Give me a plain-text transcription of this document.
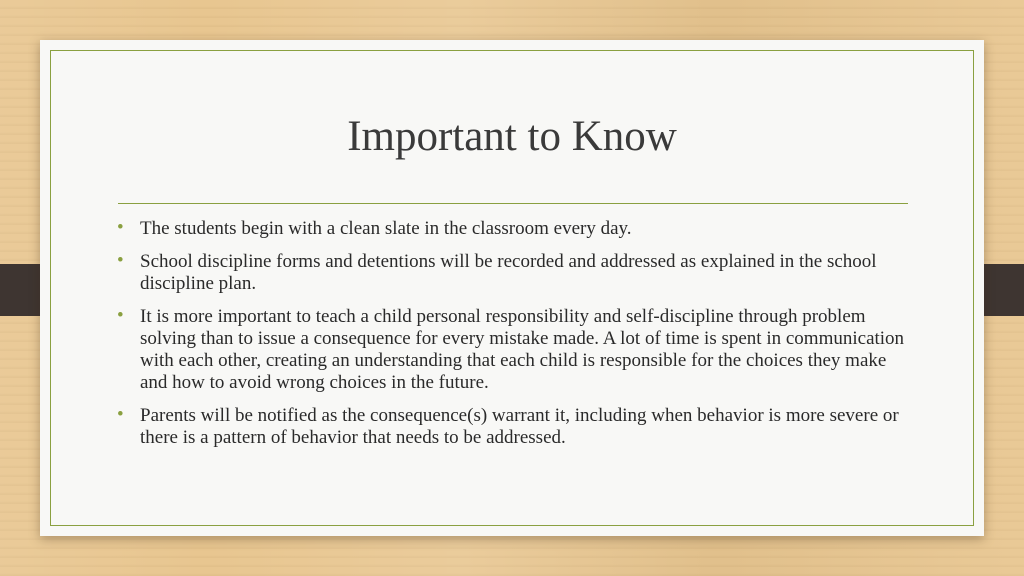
Important to Know
• The students begin with a clean slate in the classroom every day.
• School discipline forms and detentions will be recorded and addressed as explained in the school discipline plan.
• It is more important to teach a child personal responsibility and self-discipline through problem solving than to issue a consequence for every mistake made. A lot of time is spent in communication with each other, creating an understanding that each child is responsible for the choices they make and how to avoid wrong choices in the future.
• Parents will be notified as the consequence(s) warrant it, including when behavior is more severe or there is a pattern of behavior that needs to be addressed.
